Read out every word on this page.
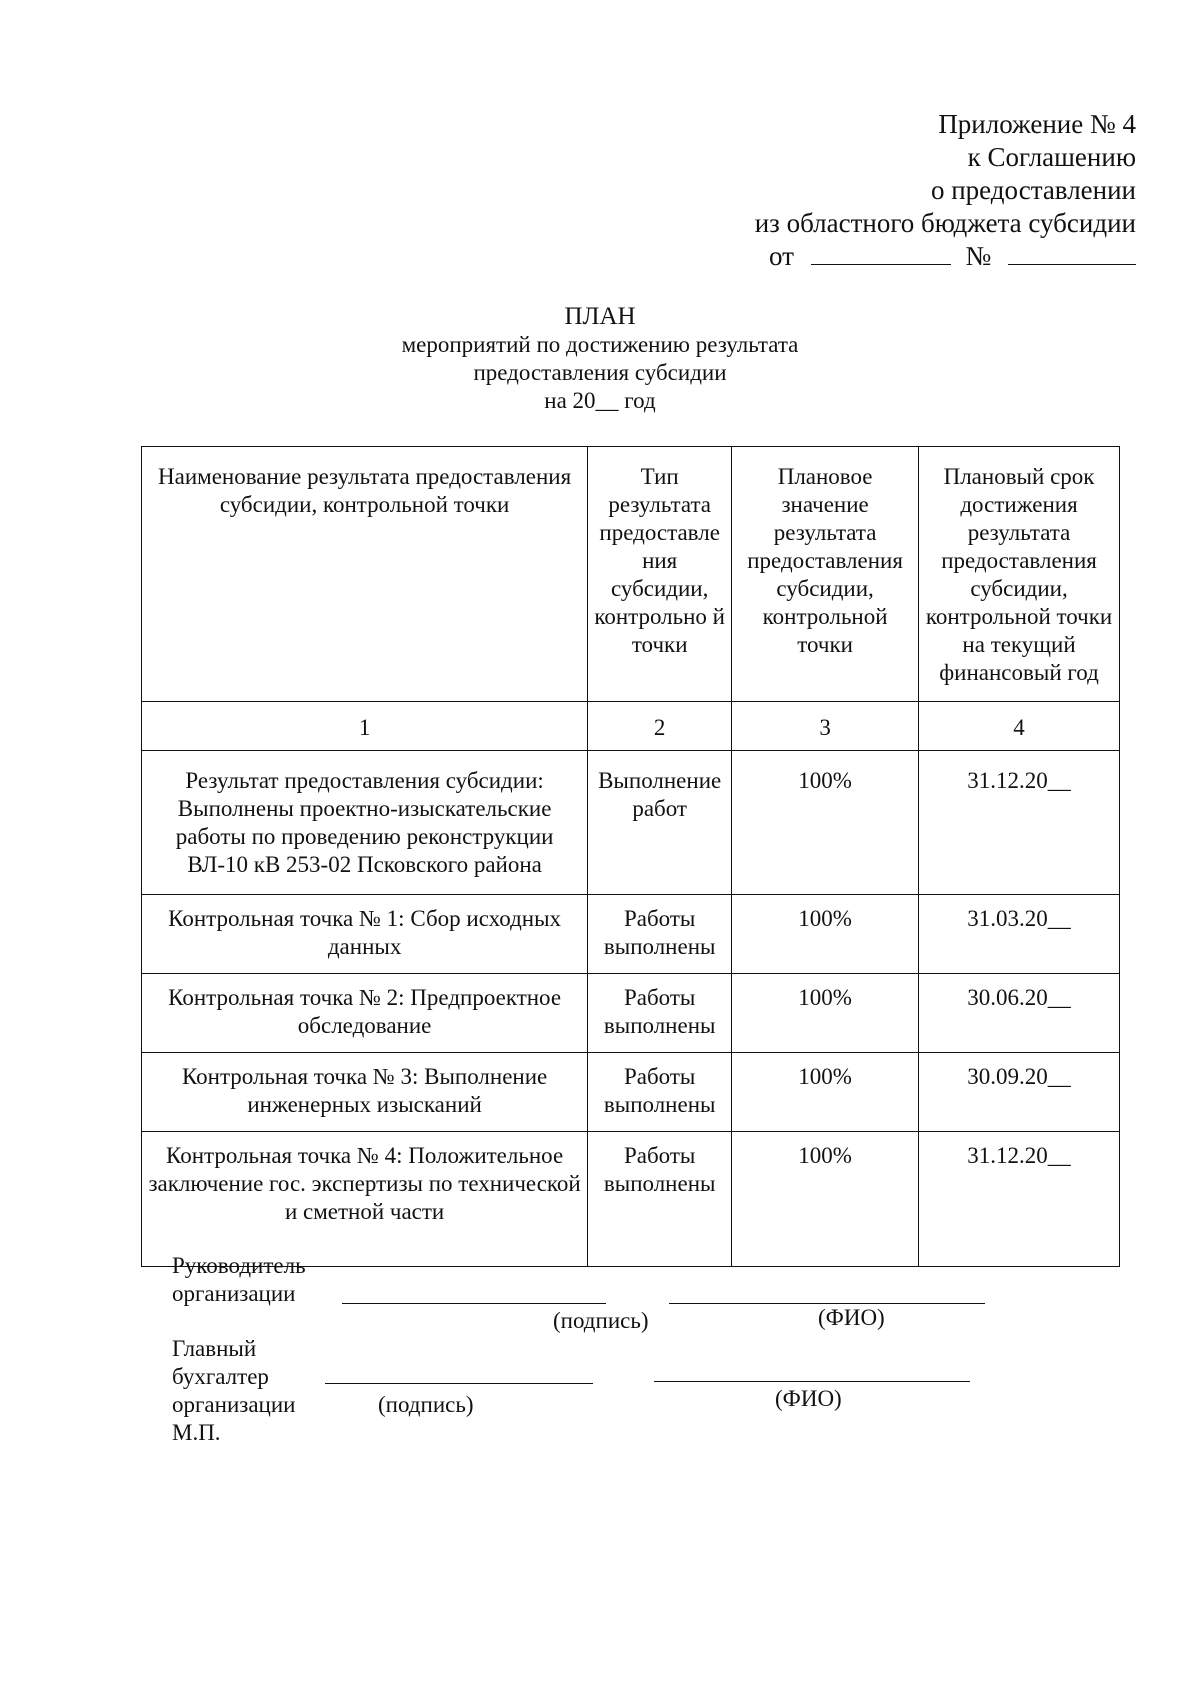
Приложение № 4
к Соглашению
о предоставлении
из областного бюджета субсидии
от	№
ПЛАН
мероприятий по достижению результата
предоставления субсидии
на 20__ год
Наименование результата предоставления субсидии, контрольной точки	Тип результата предоставле ния субсидии, контрольно й точки	Плановое значение результата предоставления субсидии, контрольной точки	Плановый срок достижения результата предоставления субсидии, контрольной точки на текущий финансовый год
1	2	3	4
Результат предоставления субсидии: Выполнены проектно-изыскательские работы по проведению реконструкции ВЛ-10 кВ 253-02 Псковского района	Выполнение работ	100%	31.12.20__
Контрольная точка № 1: Сбор исходных данных	Работы выполнены	100%	31.03.20__
Контрольная точка № 2: Предпроектное обследование	Работы выполнены	100%	30.06.20__
Контрольная точка № 3: Выполнение инженерных изысканий	Работы выполнены	100%	30.09.20__
Контрольная точка № 4: Положительное заключение гос. экспертизы по технической и сметной части	Работы выполнены	100%	31.12.20__
Руководитель
организации
(подпись)	(ФИО)
Главный
бухгалтер
организации
М.П.
(подпись)	(ФИО)
